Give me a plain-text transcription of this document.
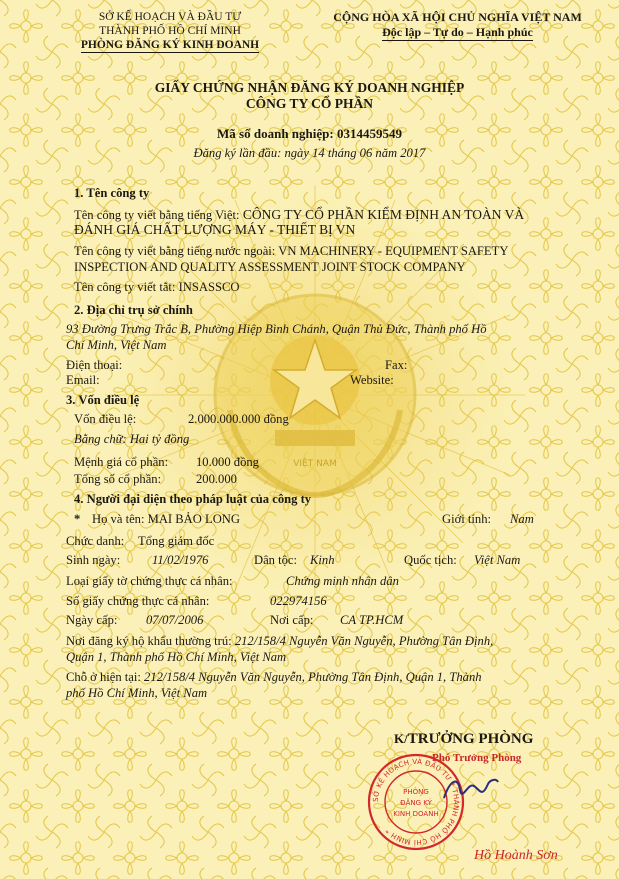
VIỆT NAM
SỞ KẾ HOẠCH VÀ ĐẦU TƯ
THÀNH PHỐ HỒ CHÍ MINH
PHÒNG ĐĂNG KÝ KINH DOANH
CỘNG HÒA XÃ HỘI CHỦ NGHĨA VIỆT NAM
Độc lập – Tự do – Hạnh phúc
GIẤY CHỨNG NHẬN ĐĂNG KÝ DOANH NGHIỆP
CÔNG TY CỔ PHẦN
Mã số doanh nghiệp: 0314459549
Đăng ký lần đầu: ngày 14 tháng 06 năm 2017
1. Tên công ty
Tên công ty viết bằng tiếng Việt: CÔNG TY CỔ PHẦN KIỂM ĐỊNH AN TOÀN VÀ
ĐÁNH GIÁ CHẤT LƯỢNG MÁY - THIẾT BỊ VN
Tên công ty viết bằng tiếng nước ngoài: VN MACHINERY - EQUIPMENT SAFETY
INSPECTION AND QUALITY ASSESSMENT JOINT STOCK COMPANY
Tên công ty viết tắt: INSASSCO
2. Địa chỉ trụ sở chính
93 Đường Trưng Trắc B, Phường Hiệp Bình Chánh, Quận Thủ Đức, Thành phố Hồ
Chí Minh, Việt Nam
Điện thoại:	Fax:
Email:	Website:
3. Vốn điều lệ
Vốn điều lệ:	2.000.000.000 đồng
Bằng chữ: Hai tỷ đồng
Mệnh giá cổ phần: 10.000 đồng
Tổng số cổ phần:	200.000
4. Người đại diện theo pháp luật của công ty
* Họ và tên: MAI BẢO LONG	Giới tính: Nam
Chức danh: Tổng giám đốc
Sinh ngày:	11/02/1976	Dân tộc: Kinh	Quốc tịch: Việt Nam
Loại giấy tờ chứng thực cá nhân:	Chứng minh nhân dân
Số giấy chứng thực cá nhân:	022974156
Ngày cấp: 07/07/2006	Nơi cấp: CA TP.HCM
Nơi đăng ký hộ khẩu thường trú: 212/158/4 Nguyễn Văn Nguyễn, Phường Tân Định,
Quận 1, Thành phố Hồ Chí Minh, Việt Nam
Chỗ ở hiện tại: 212/158/4 Nguyễn Văn Nguyễn, Phường Tân Định, Quận 1, Thành
phố Hồ Chí Minh, Việt Nam
K/TRƯỞNG PHÒNG
Phó Trưởng Phòng
SỞ KẾ HOẠCH VÀ ĐẦU TƯ * THÀNH PHỐ HỒ CHÍ MINH *
PHÒNG
ĐĂNG KÝ
KINH DOANH
Hồ Hoành Sơn
